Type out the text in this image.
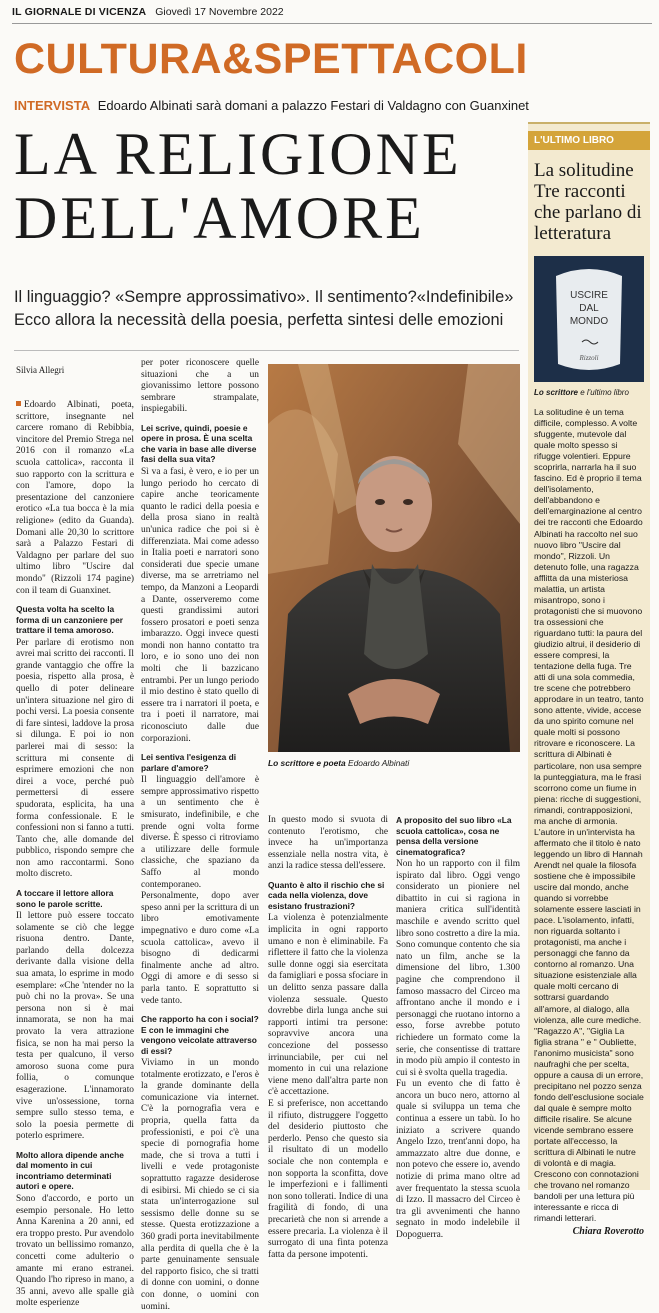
IL GIORNALE DI VICENZA Giovedì 17 Novembre 2022
CULTURA&SPETTACOLI
INTERVISTA Edoardo Albinati sarà domani a palazzo Festari di Valdagno con Guanxinet
LA RELIGIONE
DELL'AMORE
Il linguaggio? «Sempre approssimativo». Il sentimento?«Indefinibile» Ecco allora la necessità della poesia, perfetta sintesi delle emozioni
Silvia Allegri

Edoardo Albinati, poeta, scrittore, insegnante nel carcere romano di Rebibbia, vincitore del Premio Strega nel 2016 con il romanzo «La scuola cattolica», racconta il suo rapporto con la scrittura e con l'amore, dopo la presentazione del canzoniere erotico «La tua bocca è la mia religione» (edito da Guanda). Domani alle 20,30 lo scrittore sarà a Palazzo Festari di Valdagno per parlare del suo ultimo libro "Uscire dal mondo" (Rizzoli 174 pagine) con il team di Guanxinet.

Questa volta ha scelto la forma di un canzoniere per trattare il tema amoroso.

Per parlare di erotismo non avrei mai scritto dei racconti. Il grande vantaggio che offre la poesia, rispetto alla prosa, è quello di poter delineare un'intera situazione nel giro di pochi versi. La poesia consente di fare sintesi, laddove la prosa si dilunga. E poi io non parlerei mai di sesso: la scrittura mi consente di esprimere emozioni che non direi a voce, perché può permettersi di essere spudorata, esplicita, ha una forma confessionale. E le confessioni non si fanno a tutti. Tanto che, alle domande del pubblico, rispondo sempre che non amo raccontarmi. Sono molto discreto.

A toccare il lettore allora sono le parole scritte.

Il lettore può essere toccato solamente se ciò che legge risuona dentro. Dante, parlando della dolcezza derivante dalla visione della sua amata, lo esprime in modo esemplare: «Che 'ntender no la può chi no la prova». Se una persona non si è mai innamorata, se non ha mai provato la vera attrazione fisica, se non ha mai perso la testa per qualcuno, il verso amoroso suona come pura follia, o comunque esagerazione. L'innamorato vive un'ossessione, torna sempre sullo stesso tema, e solo la poesia permette di poterlo esprimere.

Molto allora dipende anche dal momento in cui incontriamo determinati autori e opere.

Sono d'accordo, e porto un esempio personale. Ho letto Anna Karenina a 20 anni, ed era troppo presto. Pur avendolo trovato un bellissimo romanzo, concetti come adulterio o amante mi erano estranei. Quando l'ho ripreso in mano, a 35 anni, avevo alle spalle già molte esperienze

per poter riconoscere quelle situazioni che a un giovanissimo lettore possono sembrare strampalate, inspiegabili.

Lei scrive, quindi, poesie e opere in prosa. È una scelta che varia in base alle diverse fasi della sua vita?

Sì va a fasi, è vero, e io per un lungo periodo ho cercato di capire anche teoricamente quanto le radici della poesia e della prosa siano in realtà un'unica radice che poi si è differenziata. Mai come adesso in Italia poeti e narratori sono considerati due specie umane diverse, ma se arretriamo nel tempo, da Manzoni a Leopardi a Dante, osserveremo come questi grandissimi autori fossero prosatori e poeti senza imbarazzo. Oggi invece questi mondi non hanno contatto tra loro, e io sono uno dei non molti che li bazzicano entrambi. Per un lungo periodo il mio destino è stato quello di essere tra i narratori il poeta, e tra i poeti il narratore, mai riconosciuto dalle due corporazioni.

Lei sentiva l'esigenza di parlare d'amore?

Il linguaggio dell'amore è sempre approssimativo rispetto a un sentimento che è smisurato, indefinibile, e che prende ogni volta forme diverse. È spesso ci ritroviamo a utilizzare delle formule classiche, che spaziano da Saffo al mondo contemporaneo. Personalmente, dopo aver speso anni per la scrittura di un libro emotivamente impegnativo e duro come «La scuola cattolica», avevo il bisogno di dedicarmi finalmente anche ad altro. Oggi di amore e di sesso si parla tanto. E soprattutto si vede tanto.

Che rapporto ha con i social? E con le immagini che vengono veicolate attraverso di essi?

Viviamo in un mondo totalmente erotizzato, e l'eros è la grande dominante della comunicazione via internet. C'è la pornografia vera e propria, quella fatta da professionisti, e poi c'è una specie di pornografia home made, che si trova a tutti i livelli e vede protagoniste soprattutto ragazze desiderose di esibirsi. Mi chiedo se ci sia stata un'interrogazione sul sessismo delle donne su se stesse. Questa erotizzazione a 360 gradi porta inevitabilmente alla perdita di quella che è la parte genuinamente sensuale del rapporto fisico, che si tratti di donne con uomini, o donne con donne, o uomini con uomini.

Lo scrittore e poeta Edoardo Albinati

In questo modo si svuota di contenuto l'erotismo, che invece ha un'importanza essenziale nella nostra vita, è anzi la radice stessa dell'essere.

Quanto è alto il rischio che si cada nella violenza, dove esistano frustrazioni?

La violenza è potenzialmente implicita in ogni rapporto umano e non è eliminabile. Fa riflettere il fatto che la violenza sulle donne oggi sia esercitata da famigliari e possa sfociare in un delitto senza passare dalla violenza sessuale. Questo dovrebbe dirla lunga anche sui rapporti intimi tra persone: sopravvive ancora una concezione del possesso irrinunciabile, per cui nel momento in cui una relazione viene meno dall'altra parte non c'è accettazione.

E si preferisce, non accettando il rifiuto, distruggere l'oggetto del desiderio piuttosto che perderlo. Penso che questo sia il risultato di un modello sociale che non contempla e non sopporta la sconfitta, dove le imperfezioni e i fallimenti non sono tollerati. Indice di una fragilità di fondo, di una precarietà che non si arrende a essere precaria. La violenza è il surrogato di una finta potenza fatta da persone impotenti.

A proposito del suo libro «La scuola cattolica», cosa ne pensa della versione cinematografica?

Non ho un rapporto con il film ispirato dal libro. Oggi vengo considerato un pioniere nel dibattito in cui si ragiona in maniera critica sull'identità maschile e avendo scritto quel libro sono costretto a dire la mia. Sono comunque contento che sia nato un film, anche se la dimensione del libro, 1.300 pagine che comprendono il famoso massacro del Circeo ma affrontano anche il mondo e i personaggi che ruotano intorno a esso, forse avrebbe potuto richiedere un formato come la serie, che consentisse di trattare in modo più ampio il contesto in cui si è svolta quella tragedia.

Fu un evento che di fatto è ancora un buco nero, attorno al quale si sviluppa un tema che continua a essere un tabù. Io ho iniziato a scrivere quando Angelo Izzo, trent'anni dopo, ha ammazzato altre due donne, e non potevo che essere io, avendo notizie di prima mano oltre ad aver frequentato la stessa scuola di Izzo. Il massacro del Circeo è tra gli avvenimenti che hanno segnato in modo indelebile il Dopoguerra.

L'ULTIMO LIBRO
La solitudine Tre racconti che parlano di letteratura
USCIRE
DAL
MONDO
Rizzoli
Lo scrittore e l'ultimo libro
La solitudine è un tema difficile, complesso. A volte sfuggente, mutevole dal quale molto spesso si rifugge volentieri. Eppure scoprirla, narrarla ha il suo fascino. Ed è proprio il tema dell'isolamento, dell'abbandono e dell'emarginazione al centro dei tre racconti che Edoardo Albinati ha raccolto nel suo nuovo libro "Uscire dal mondo", Rizzoli. Un detenuto folle, una ragazza afflitta da una misteriosa malattia, un artista misantropo, sono i protagonisti che si muovono tra ossessioni che riguardano tutti: la paura del giudizio altrui, il desiderio di essere compresi, la tentazione della fuga. Tre atti di una sola commedia, tre scene che potrebbero approdare in un teatro, tanto sono attente, vivide, accese da uno spirito comune nel quale molti si possono ritrovare e riconoscere. La scrittura di Albinati è particolare, non usa sempre la punteggiatura, ma le frasi scorrono come un fiume in piena: ricche di suggestioni, rimandi, contrapposizioni, ma anche di armonia. L'autore in un'intervista ha affermato che il titolo è nato leggendo un libro di Hannah Arendt nel quale la filosofa sostiene che è impossibile uscire dal mondo, anche quando si vorrebbe solamente essere lasciati in pace. L'isolamento, infatti, non riguarda soltanto i protagonisti, ma anche i personaggi che fanno da contorno al romanzo. Una situazione esistenziale alla quale molti cercano di sottrarsi guardando all'amore, al dialogo, alla violenza, alle cure mediche. "Ragazzo A", "Giglia La figlia strana " e " Oubliette, l'anonimo musicista" sono naufraghi che per scelta, oppure a causa di un errore, precipitano nel pozzo senza fondo dell'esclusione sociale dal quale è sempre molto difficile risalire. Se alcune vicende sembrano essere portate all'eccesso, la scrittura di Albinati le nutre di volontà e di magia. Crescono con connotazioni che trovano nel romanzo bandoli per una lettura più interessante e ricca di rimandi letterari.
Chiara Roverotto
